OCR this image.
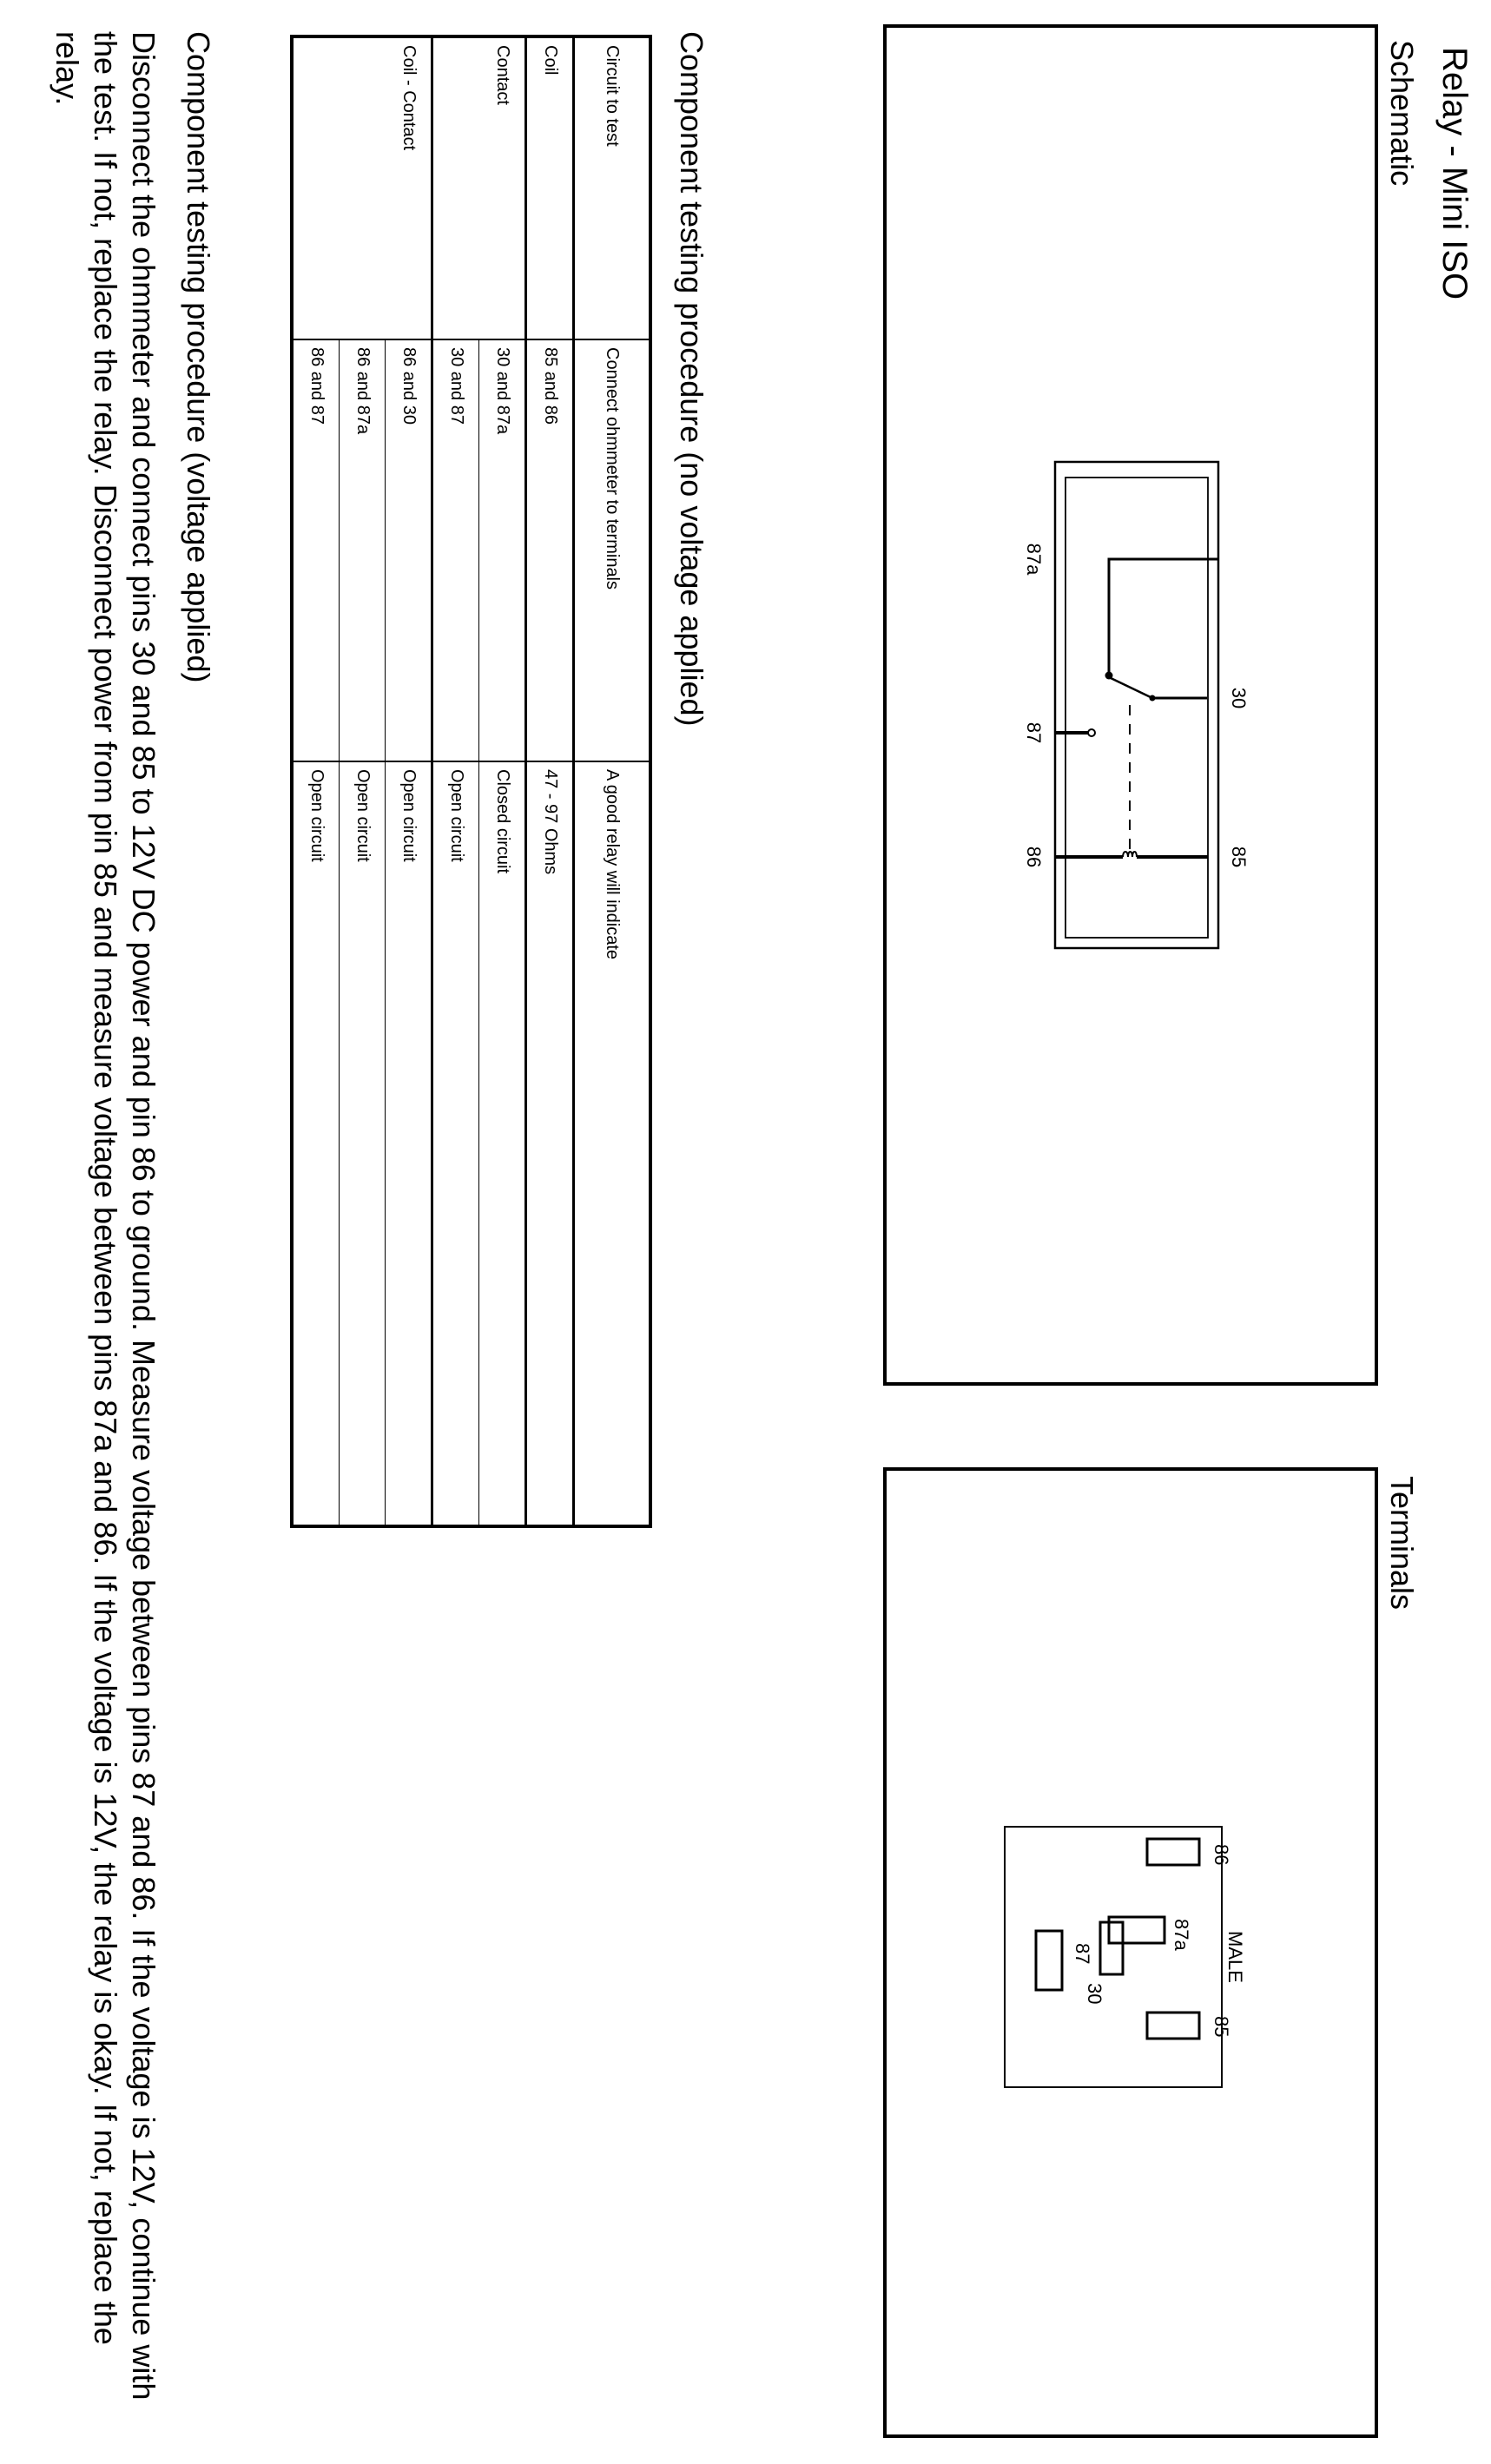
Relay - Mini ISO
Schematic
30
85
87a
87
86
Terminals
86
85
87a
87
30
MALE
Component testing procedure (no voltage applied)
Circuit to test	Connect ohmmeter to terminals	A good relay will indicate
Coil	85 and 86	47 - 97 Ohms
Contact	30 and 87a	Closed circuit
	30 and 87	Open circuit
Coil - Contact	86 and 30	Open circuit
	86 and 87a	Open circuit
	86 and 87	Open circuit
Component testing procedure (voltage applied)
Disconnect the ohmmeter and connect pins 30 and 85 to 12V DC power and pin 86 to ground. Measure voltage between pins 87 and 86. If the voltage is 12V, continue with the test. If not, replace the relay. Disconnect power from pin 85 and measure voltage between pins 87a and 86. If the voltage is 12V, the relay is okay. If not, replace the relay.
